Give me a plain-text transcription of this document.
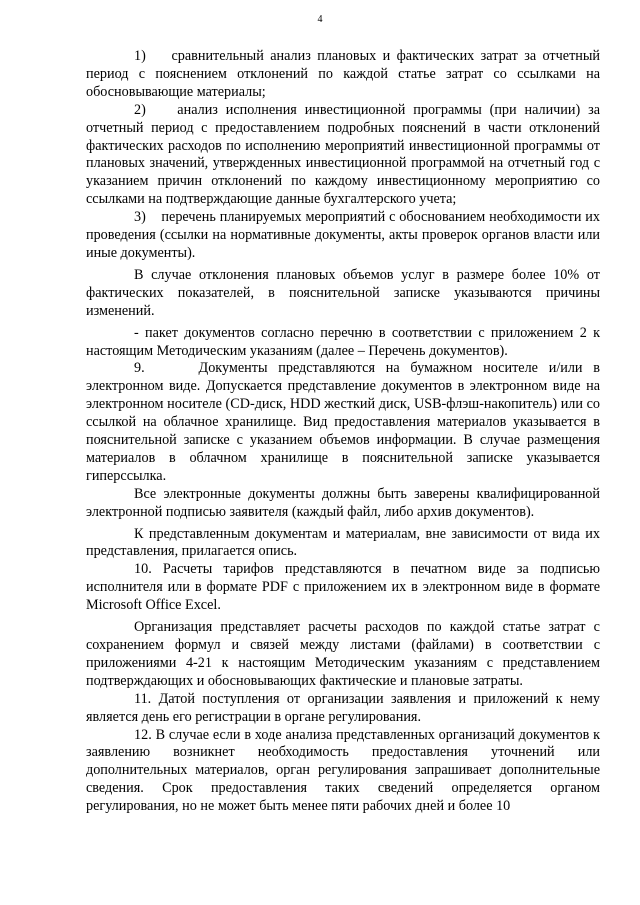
4

1)    сравнительный анализ плановых и фактических затрат за отчетный период с пояснением отклонений по каждой статье затрат со ссылками на обосновывающие материалы;

2)    анализ исполнения инвестиционной программы (при наличии) за отчетный период с предоставлением подробных пояснений в части отклонений фактических расходов по исполнению мероприятий инвестиционной программы от плановых значений, утвержденных инвестиционной программой на отчетный год с указанием причин отклонений по каждому инвестиционному мероприятию со ссылками на подтверждающие данные бухгалтерского учета;

3)    перечень планируемых мероприятий с обоснованием необходимости их проведения (ссылки на нормативные документы, акты проверок органов власти или иные документы).

В случае отклонения плановых объемов услуг в размере более 10% от фактических показателей, в пояснительной записке указываются причины изменений.

- пакет документов согласно перечню в соответствии с приложением 2 к настоящим Методическим указаниям (далее – Перечень документов).

9.     Документы представляются на бумажном носителе и/или в электронном виде. Допускается представление документов в электронном виде на электронном носителе (CD-диск, HDD жесткий диск, USB-флэш-накопитель) или со ссылкой на облачное хранилище. Вид предоставления материалов указывается в пояснительной записке с указанием объемов информации. В случае размещения материалов в облачном хранилище в пояснительной записке указывается гиперссылка.

Все электронные документы должны быть заверены квалифицированной электронной подписью заявителя (каждый файл, либо архив документов).

К представленным документам и материалам, вне зависимости от вида их представления, прилагается опись.

10. Расчеты тарифов представляются в печатном виде за подписью исполнителя или в формате PDF с приложением их в электронном виде в формате Microsoft Office Excel.

Организация представляет расчеты расходов по каждой статье затрат с сохранением формул и связей между листами (файлами) в соответствии с приложениями 4-21 к настоящим Методическим указаниям с представлением подтверждающих и обосновывающих фактические и плановые затраты.

11. Датой поступления от организации заявления и приложений к нему является день его регистрации в органе регулирования.

12. В случае если в ходе анализа представленных организаций документов к заявлению возникнет необходимость предоставления уточнений или дополнительных материалов, орган регулирования запрашивает дополнительные сведения. Срок предоставления таких сведений определяется органом регулирования, но не может быть менее пяти рабочих дней и более 10
